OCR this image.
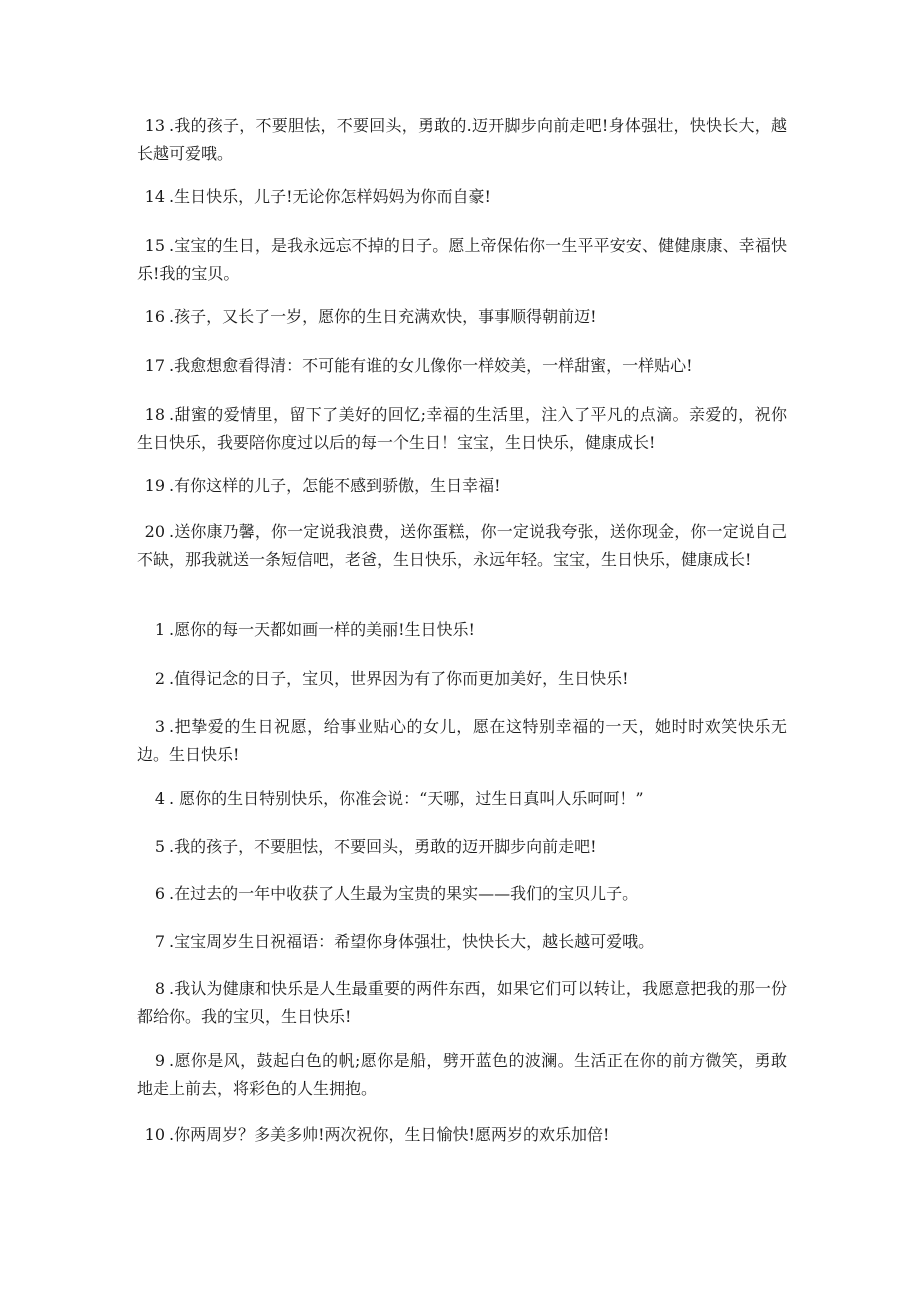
13 .我的孩子，不要胆怯，不要回头，勇敢的.迈开脚步向前走吧!身体强壮，快快长大，越长越可爱哦。

14 .生日快乐，儿子!无论你怎样妈妈为你而自豪!

15 .宝宝的生日，是我永远忘不掉的日子。愿上帝保佑你一生平平安安、健健康康、幸福快乐!我的宝贝。

16 .孩子，又长了一岁，愿你的生日充满欢快，事事顺得朝前迈!

17 .我愈想愈看得清：不可能有谁的女儿像你一样姣美，一样甜蜜，一样贴心!

18 .甜蜜的爱情里，留下了美好的回忆;幸福的生活里，注入了平凡的点滴。亲爱的，祝你生日快乐，我要陪你度过以后的每一个生日！宝宝，生日快乐，健康成长!

19 .有你这样的儿子，怎能不感到骄傲，生日幸福!

20 .送你康乃馨，你一定说我浪费，送你蛋糕，你一定说我夸张，送你现金，你一定说自己不缺，那我就送一条短信吧，老爸，生日快乐，永远年轻。宝宝，生日快乐，健康成长!

1 .愿你的每一天都如画一样的美丽!生日快乐!

2 .值得记念的日子，宝贝，世界因为有了你而更加美好，生日快乐!

3 .把挚爱的生日祝愿，给事业贴心的女儿，愿在这特别幸福的一天，她时时欢笑快乐无边。生日快乐!

4 . 愿你的生日特别快乐，你准会说：“天哪，过生日真叫人乐呵呵！”

5 .我的孩子，不要胆怯，不要回头，勇敢的迈开脚步向前走吧!

6 .在过去的一年中收获了人生最为宝贵的果实——我们的宝贝儿子。

7 .宝宝周岁生日祝福语：希望你身体强壮，快快长大，越长越可爱哦。

8 .我认为健康和快乐是人生最重要的两件东西，如果它们可以转让，我愿意把我的那一份都给你。我的宝贝，生日快乐!

9 .愿你是风，鼓起白色的帆;愿你是船，劈开蓝色的波澜。生活正在你的前方微笑，勇敢地走上前去，将彩色的人生拥抱。

10 .你两周岁？多美多帅!两次祝你，生日愉快!愿两岁的欢乐加倍!
